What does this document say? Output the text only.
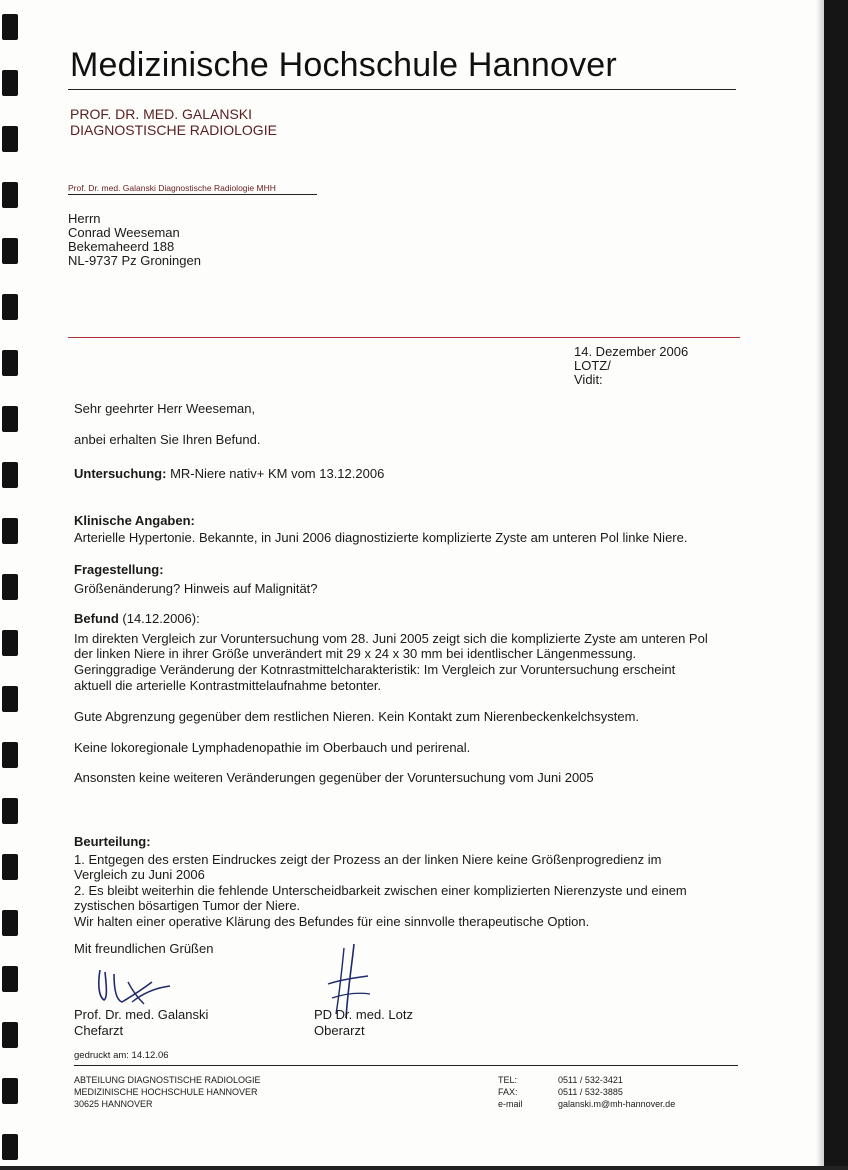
Medizinische Hochschule Hannover
PROF. DR. MED. GALANSKI
DIAGNOSTISCHE RADIOLOGIE
Prof. Dr. med. Galanski Diagnostische Radiologie MHH
Herrn
Conrad Weeseman
Bekemaheerd 188
NL-9737 Pz Groningen
14. Dezember 2006
LOTZ/
Vidit:
Sehr geehrter Herr Weeseman,
anbei erhalten Sie Ihren Befund.
Untersuchung: MR-Niere nativ+ KM vom 13.12.2006
Klinische Angaben:
Arterielle Hypertonie. Bekannte, in Juni 2006 diagnostizierte komplizierte Zyste am unteren Pol linke Niere.
Fragestellung:
Größenänderung? Hinweis auf Malignität?
Befund (14.12.2006):
Im direkten Vergleich zur Voruntersuchung vom 28. Juni 2005 zeigt sich die komplizierte Zyste am unteren Pol
der linken Niere in ihrer Größe unverändert mit 29 x 24 x 30 mm bei identlischer Längenmessung.
Geringgradige Veränderung der Kotnrastmittelcharakteristik: Im Vergleich zur Voruntersuchung erscheint
aktuell die arterielle Kontrastmittelaufnahme betonter.
Gute Abgrenzung gegenüber dem restlichen Nieren. Kein Kontakt zum Nierenbeckenkelchsystem.
Keine lokoregionale Lymphadenopathie im Oberbauch und perirenal.
Ansonsten keine weiteren Veränderungen gegenüber der Voruntersuchung vom Juni 2005
Beurteilung:
1. Entgegen des ersten Eindruckes zeigt der Prozess an der linken Niere keine Größenprogredienz im
Vergleich zu Juni 2006
2. Es bleibt weiterhin die fehlende Unterscheidbarkeit zwischen einer komplizierten Nierenzyste und einem
zystischen bösartigen Tumor der Niere.
Wir halten einer operative Klärung des Befundes für eine sinnvolle therapeutische Option.
Mit freundlichen Grüßen
Prof. Dr. med. Galanski
Chefarzt
PD Dr. med. Lotz
Oberarzt
gedruckt am: 14.12.06
ABTEILUNG DIAGNOSTISCHE RADIOLOGIE
MEDIZINISCHE HOCHSCHULE HANNOVER
30625 HANNOVER
TEL:	0511 / 532-3421
FAX:	0511 / 532-3885
e-mail	galanski.m@mh-hannover.de
